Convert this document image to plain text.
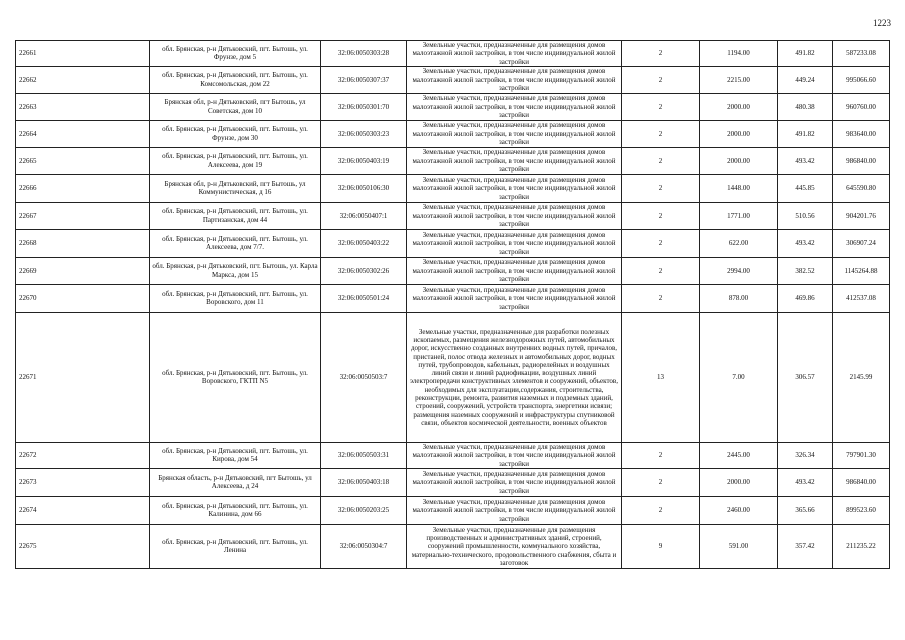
1223
22661	обл. Брянская, р-н Дятьковский, пгт. Бытошь, ул. Фрунзе, дом 5	32:06:0050303:28	Земельные участки, предназначенные для размещения домов малоэтажной жилой застройки, в том числе индивидуальной жилой застройки	2	1194.00	491.82	587233.08
22662	обл. Брянская, р-н Дятьковский, пгт. Бытошь, ул. Комсомольская, дом 22	32:06:0050307:37	Земельные участки, предназначенные для размещения домов малоэтажной жилой застройки, в том числе индивидуальной жилой застройки	2	2215.00	449.24	995066.60
22663	Брянская обл, р-н Дятьковский, пгт Бытошь, ул Советская, дом 10	32:06:0050301:70	Земельные участки, предназначенные для размещения домов малоэтажной жилой застройки, в том числе индивидуальной жилой застройки	2	2000.00	480.38	960760.00
22664	обл. Брянская, р-н Дятьковский, пгт. Бытошь, ул. Фрунзе, дом 30	32:06:0050303:23	Земельные участки, предназначенные для размещения домов малоэтажной жилой застройки, в том числе индивидуальной жилой застройки	2	2000.00	491.82	983640.00
22665	обл. Брянская, р-н Дятьковский, пгт. Бытошь, ул. Алексеева, дом 19	32:06:0050403:19	Земельные участки, предназначенные для размещения домов малоэтажной жилой застройки, в том числе индивидуальной жилой застройки	2	2000.00	493.42	986840.00
22666	Брянская обл, р-н Дятьковский, пгт Бытошь, ул Коммунистическая, д 16	32:06:0050106:30	Земельные участки, предназначенные для размещения домов малоэтажной жилой застройки, в том числе индивидуальной жилой застройки	2	1448.00	445.85	645590.80
22667	обл. Брянская, р-н Дятьковский, пгт. Бытошь, ул. Партизанская, дом 44	32:06:0050407:1	Земельные участки, предназначенные для размещения домов малоэтажной жилой застройки, в том числе индивидуальной жилой застройки	2	1771.00	510.56	904201.76
22668	обл. Брянская, р-н Дятьковский, пгт. Бытошь, ул. Алексеева, дом 7/7.	32:06:0050403:22	Земельные участки, предназначенные для размещения домов малоэтажной жилой застройки, в том числе индивидуальной жилой застройки	2	622.00	493.42	306907.24
22669	обл. Брянская, р-н Дятьковский, пгт. Бытошь, ул. Карла Маркса, дом 15	32:06:0050302:26	Земельные участки, предназначенные для размещения домов малоэтажной жилой застройки, в том числе индивидуальной жилой застройки	2	2994.00	382.52	1145264.88
22670	обл. Брянская, р-н Дятьковский, пгт. Бытошь, ул. Воровского, дом 11	32:06:0050501:24	Земельные участки, предназначенные для размещения домов малоэтажной жилой застройки, в том числе индивидуальной жилой застройки	2	878.00	469.86	412537.08
22671	обл. Брянская, р-н Дятьковский, пгт. Бытошь, ул. Воровского, ГКТП N5	32:06:0050503:7	Земельные участки, предназначенные для разработки полезных ископаемых, размещения железнодорожных путей, автомобильных дорог, искусственно созданных внутренних водных путей, причалов, пристаней, полос отвода железных и автомобильных дорог, водных путей, трубопроводов, кабельных, радиорелейных и воздушных линий связи и линий радиофикации, воздушных линий электропередачи конструктивных элементов и сооружений, объектов, необходимых для эксплуатации,содержания, строительства, реконструкции, ремонта, развития наземных и подземных зданий, строений, сооружений, устройств транспорта, энергетики исвязи; размещения наземных сооружений и инфраструктуры спутниковой связи, объектов космической деятельности, военных объектов	13	7.00	306.57	2145.99
22672	обл. Брянская, р-н Дятьковский, пгт. Бытошь, ул. Кирова, дом 54	32:06:0050503:31	Земельные участки, предназначенные для размещения домов малоэтажной жилой застройки, в том числе индивидуальной жилой застройки	2	2445.00	326.34	797901.30
22673	Брянская область, р-н Дятьковский, пгт Бытошь, ул Алексеева, д 24	32:06:0050403:18	Земельные участки, предназначенные для размещения домов малоэтажной жилой застройки, в том числе индивидуальной жилой застройки	2	2000.00	493.42	986840.00
22674	обл. Брянская, р-н Дятьковский, пгт. Бытошь, ул. Калинина, дом 66	32:06:0050203:25	Земельные участки, предназначенные для размещения домов малоэтажной жилой застройки, в том числе индивидуальной жилой застройки	2	2460.00	365.66	899523.60
22675	обл. Брянская, р-н Дятьковский, пгт. Бытошь, ул. Ленина	32:06:0050304:7	Земельные участки, предназначенные для размещения производственных и административных зданий, строений, сооружений промышленности, коммунального хозяйства, материально-технического, продовольственного снабжения, сбыта и заготовок	9	591.00	357.42	211235.22
